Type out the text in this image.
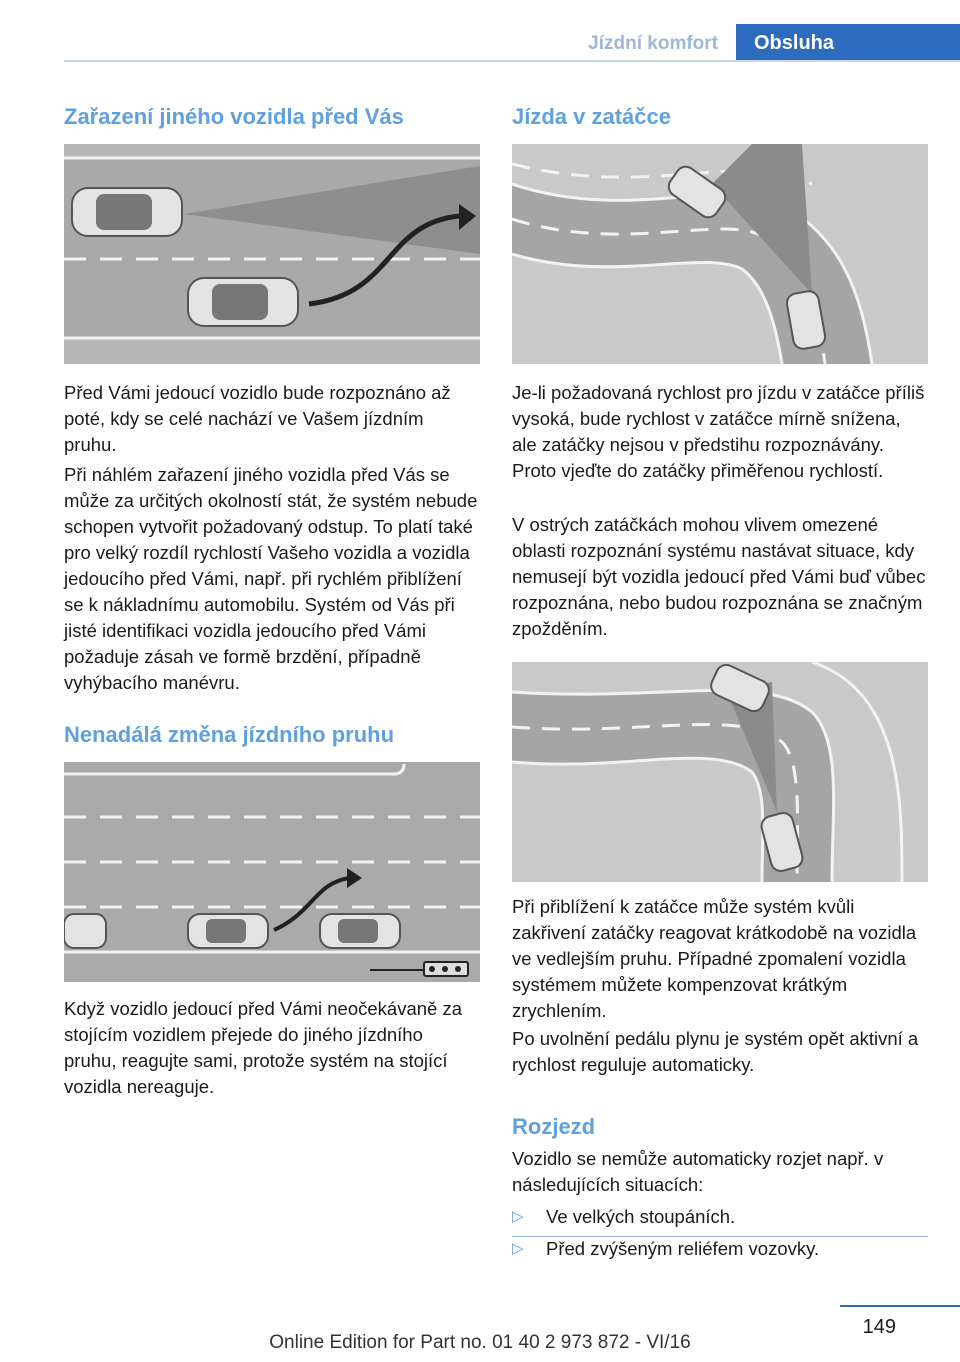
Jízdní komfort	Obsluha
Zařazení jiného vozidla před Vás

Před Vámi jedoucí vozidlo bude rozpoznáno až poté, kdy se celé nachází ve Vašem jízdním pruhu.

Při náhlém zařazení jiného vozidla před Vás se může za určitých okolností stát, že systém nebude schopen vytvořit požadovaný odstup. To platí také pro velký rozdíl rychlostí Vašeho vozidla a vozidla jedoucího před Vámi, např. při rychlém přiblížení se k nákladnímu automobilu. Systém od Vás při jisté identifikaci vozidla jedoucího před Vámi požaduje zásah ve formě brzdění, případně vyhýbacího manévru.

Nenadálá změna jízdního pruhu

Když vozidlo jedoucí před Vámi neočekávaně za stojícím vozidlem přejede do jiného jízdního pruhu, reagujte sami, protože systém na stojící vozidla nereaguje.

Jízda v zatáčce

Je-li požadovaná rychlost pro jízdu v zatáčce příliš vysoká, bude rychlost v zatáčce mírně snížena, ale zatáčky nejsou v předstihu rozpoznávány. Proto vjeďte do zatáčky přiměřenou rychlostí.

V ostrých zatáčkách mohou vlivem omezené oblasti rozpoznání systému nastávat situace, kdy nemusejí být vozidla jedoucí před Vámi buď vůbec rozpoznána, nebo budou rozpoznána se značným zpožděním.

Při přiblížení k zatáčce může systém kvůli zakřivení zatáčky reagovat krátkodobě na vozidla ve vedlejším pruhu. Případné zpomalení vozidla systémem můžete kompenzovat krátkým zrychlením.

Po uvolnění pedálu plynu je systém opět aktivní a rychlost reguluje automaticky.

Rozjezd

Vozidlo se nemůže automaticky rozjet např. v následujících situacích:

▷ Ve velkých stoupáních.
▷ Před zvýšeným reliéfem vozovky.
149
Online Edition for Part no. 01 40 2 973 872 - VI/16
